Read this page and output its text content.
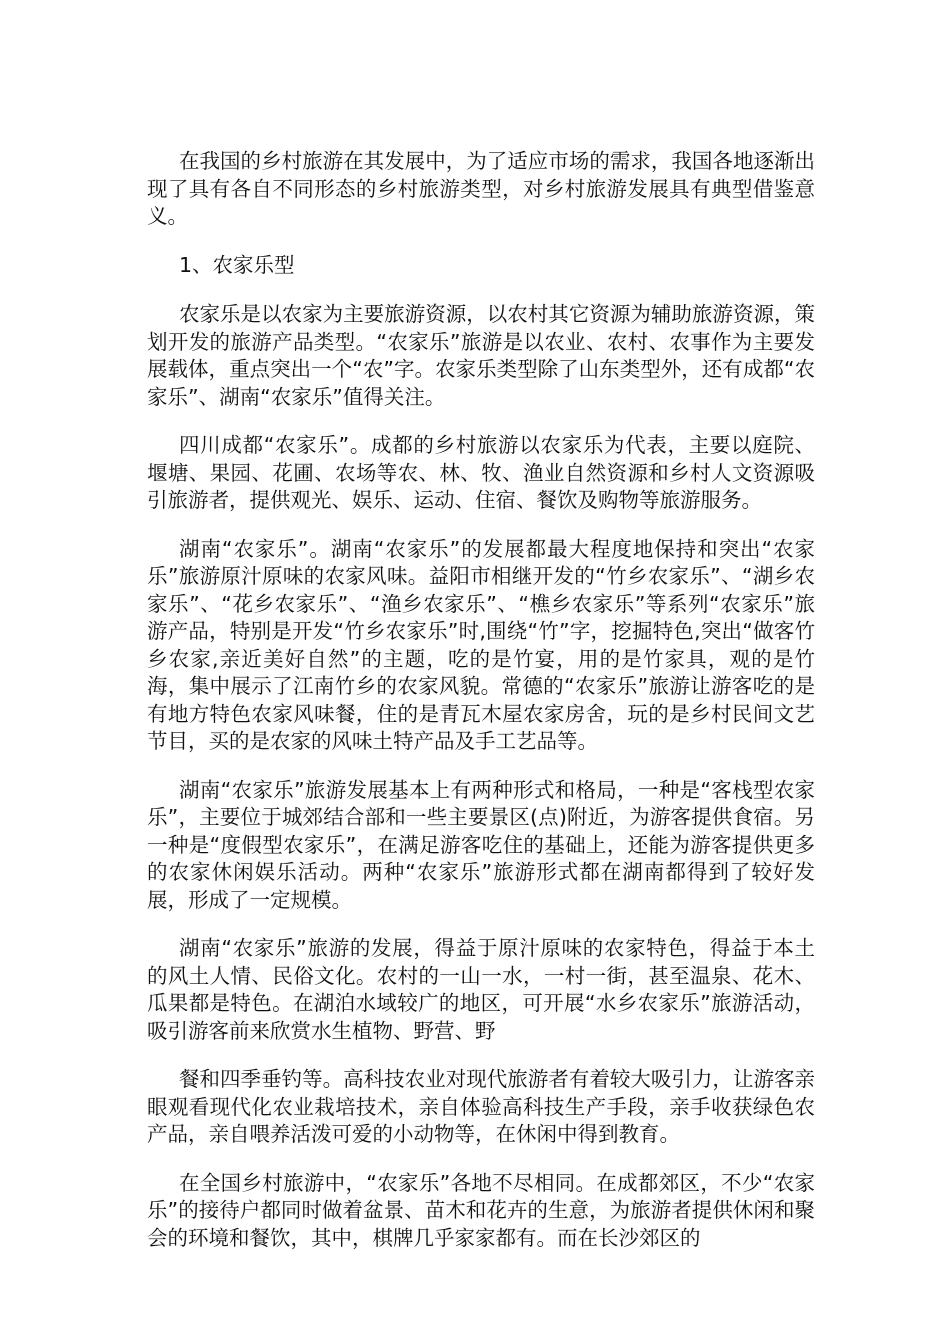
在我国的乡村旅游在其发展中，为了适应市场的需求，我国各地逐渐出现了具有各自不同形态的乡村旅游类型，对乡村旅游发展具有典型借鉴意义。

1、农家乐型

农家乐是以农家为主要旅游资源，以农村其它资源为辅助旅游资源，策划开发的旅游产品类型。“农家乐”旅游是以农业、农村、农事作为主要发展载体，重点突出一个“农”字。农家乐类型除了山东类型外，还有成都“农家乐”、湖南“农家乐”值得关注。

四川成都“农家乐”。成都的乡村旅游以农家乐为代表，主要以庭院、堰塘、果园、花圃、农场等农、林、牧、渔业自然资源和乡村人文资源吸引旅游者，提供观光、娱乐、运动、住宿、餐饮及购物等旅游服务。

湖南“农家乐”。湖南“农家乐”的发展都最大程度地保持和突出“农家乐”旅游原汁原味的农家风味。益阳市相继开发的“竹乡农家乐”、“湖乡农家乐”、“花乡农家乐”、“渔乡农家乐”、“樵乡农家乐”等系列“农家乐”旅游产品，特别是开发“竹乡农家乐”时,围绕“竹”字，挖掘特色,突出“做客竹乡农家,亲近美好自然”的主题，吃的是竹宴，用的是竹家具，观的是竹海，集中展示了江南竹乡的农家风貌。常德的“农家乐”旅游让游客吃的是有地方特色农家风味餐，住的是青瓦木屋农家房舍，玩的是乡村民间文艺节目，买的是农家的风味土特产品及手工艺品等。

湖南“农家乐”旅游发展基本上有两种形式和格局，一种是“客栈型农家乐”，主要位于城郊结合部和一些主要景区(点)附近，为游客提供食宿。另一种是“度假型农家乐”，在满足游客吃住的基础上，还能为游客提供更多的农家休闲娱乐活动。两种“农家乐”旅游形式都在湖南都得到了较好发展，形成了一定规模。

湖南“农家乐”旅游的发展，得益于原汁原味的农家特色，得益于本土的风土人情、民俗文化。农村的一山一水，一村一街，甚至温泉、花木、瓜果都是特色。在湖泊水域较广的地区，可开展“水乡农家乐”旅游活动，吸引游客前来欣赏水生植物、野营、野

餐和四季垂钓等。高科技农业对现代旅游者有着较大吸引力，让游客亲眼观看现代化农业栽培技术，亲自体验高科技生产手段，亲手收获绿色农产品，亲自喂养活泼可爱的小动物等，在休闲中得到教育。

在全国乡村旅游中，“农家乐”各地不尽相同。在成都郊区，不少“农家乐”的接待户都同时做着盆景、苗木和花卉的生意，为旅游者提供休闲和聚会的环境和餐饮，其中，棋牌几乎家家都有。而在长沙郊区的
